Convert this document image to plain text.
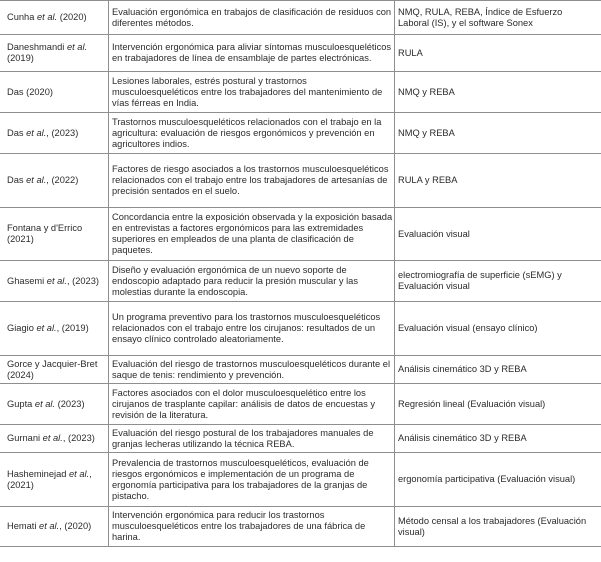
Cunha et al. (2020)
Evaluación ergonómica en trabajos de clasificación de residuos con diferentes métodos.
NMQ, RULA, REBA, Índice de Esfuerzo Laboral (IS), y el software Sonex
Daneshmandi et al. (2019)
Intervención ergonómica para aliviar síntomas musculoesqueléticos en trabajadores de línea de ensamblaje de partes electrónicas.
RULA
Das (2020)
Lesiones laborales, estrés postural y trastornos musculoesqueléticos entre los trabajadores del mantenimiento de vías férreas en India.
NMQ y REBA
Das et al., (2023)
Trastornos musculoesqueléticos relacionados con el trabajo en la agricultura: evaluación de riesgos ergonómicos y prevención en agricultores indios.
NMQ y REBA
Das et al., (2022)
Factores de riesgo asociados a los trastornos musculoesqueléticos relacionados con el trabajo entre los trabajadores de artesanías de precisión sentados en el suelo.
RULA y REBA
Fontana y d'Errico (2021)
Concordancia entre la exposición observada y la exposición basada en entrevistas a factores ergonómicos para las extremidades superiores en empleados de una planta de clasificación de paquetes.
Evaluación visual
Ghasemi et al., (2023)
Diseño y evaluación ergonómica de un nuevo soporte de endoscopio adaptado para reducir la presión muscular y las molestias durante la endoscopia.
electromiografía de superficie (sEMG) y Evaluación visual
Giagio et al., (2019)
Un programa preventivo para los trastornos musculoesqueléticos relacionados con el trabajo entre los cirujanos: resultados de un ensayo clínico controlado aleatoriamente.
Evaluación visual (ensayo clínico)
Gorce y Jacquier-Bret (2024)
Evaluación del riesgo de trastornos musculoesqueléticos durante el saque de tenis: rendimiento y prevención.
Análisis cinemático 3D y REBA
Gupta et al. (2023)
Factores asociados con el dolor musculoesquelético entre los cirujanos de trasplante capilar: análisis de datos de encuestas y revisión de la literatura.
Regresión lineal (Evaluación visual)
Gurnani et al., (2023)
Evaluación del riesgo postural de los trabajadores manuales de granjas lecheras utilizando la técnica REBA.
Análisis cinemático 3D y REBA
Hasheminejad et al., (2021)
Prevalencia de trastornos musculoesqueléticos, evaluación de riesgos ergonómicos e implementación de un programa de ergonomía participativa para los trabajadores de la granjas de pistacho.
ergonomía participativa (Evaluación visual)
Hemati et al., (2020)
Intervención ergonómica para reducir los trastornos musculoesqueléticos entre los trabajadores de una fábrica de harina.
Método censal a los trabajadores (Evaluación visual)
